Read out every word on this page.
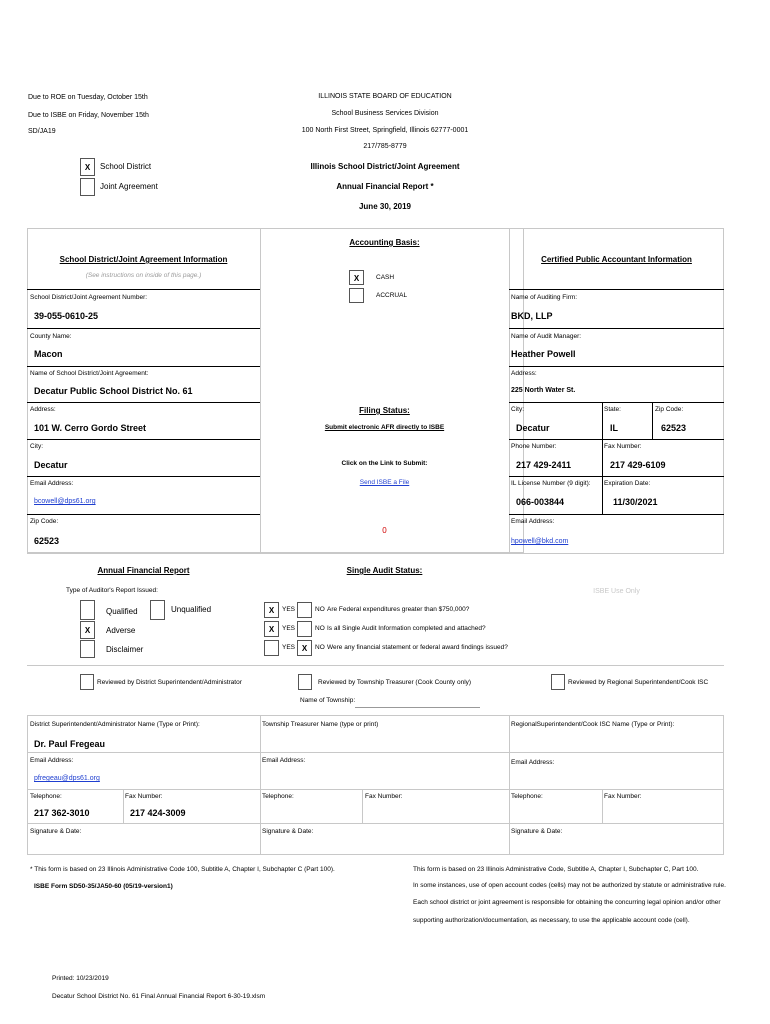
Due to ROE on Tuesday, October 15th
Due to ISBE on Friday, November 15th
SD/JA19
ILLINOIS STATE BOARD OF EDUCATION
School Business Services Division
100 North First Street, Springfield, Illinois 62777-0001
217/785-8779
Illinois School District/Joint Agreement
Annual Financial Report *
June 30, 2019
X	School District
Joint Agreement
School District/Joint Agreement Information
(See instructions on inside of this page.)
School District/Joint Agreement Number:
39-055-0610-25
County Name:
Macon
Name of School District/Joint Agreement:
Decatur Public School District No. 61
Address:
101 W. Cerro Gordo Street
City:
Decatur
Email Address:
bcowell@dps61.org
Zip Code:
62523
Accounting Basis:
X	CASH
ACCRUAL
Filing Status:
Submit electronic AFR directly to ISBE
Click on the Link to Submit:
Send ISBE a File
0
Certified Public Accountant Information
Name of Auditing Firm:
BKD, LLP
Name of Audit Manager:
Heather Powell
Address:
225 North Water St.
City:	State:	Zip Code:
Decatur	IL	62523
Phone Number:	Fax Number:
217 429-2411	217 429-6109
IL License Number (9 digit): Expiration Date:
066-003844	11/30/2021
Email Address:
hpowell@bkd.com
Annual Financial Report
Type of Auditor's Report Issued:
Qualified	Unqualified
X	Adverse
Disclaimer
Single Audit Status:
X	YES	NO Are Federal expenditures greater than $750,000?
X	YES	NO Is all Single Audit Information completed and attached?
YES X	NO Were any financial statement or federal award findings issued?
ISBE Use Only
Reviewed by District Superintendent/Administrator	Reviewed by Township Treasurer (Cook County only)
Name of Township:
Reviewed by Regional Superintendent/Cook ISC
District Superintendent/Administrator Name (Type or Print):
Dr. Paul Fregeau
Email Address:
pfregeau@dps61.org
Telephone:	Fax Number:
217 362-3010	217 424-3009
Signature & Date:
Township Treasurer Name (type or print)
Email Address:
Telephone:	Fax Number:
Signature & Date:
RegionalSuperintendent/Cook ISC Name (Type or Print):
Email Address:
Telephone:	Fax Number:
Signature & Date:
* This form is based on 23 Illinois Administrative Code 100, Subtitle A, Chapter I, Subchapter C (Part 100).
ISBE Form SD50-35/JA50-60 (05/19-version1)
This form is based on 23 Illinois Administrative Code, Subtitle A, Chapter I, Subchapter C, Part 100.
In some instances, use of open account codes (cells) may not be authorized by statute or administrative rule.
Each school district or joint agreement is responsible for obtaining the concurring legal opinion and/or other
supporting authorization/documentation, as necessary, to use the applicable account code (cell).
Printed: 10/23/2019
Decatur School District No. 61 Final Annual Financial Report 6-30-19.xlsm
